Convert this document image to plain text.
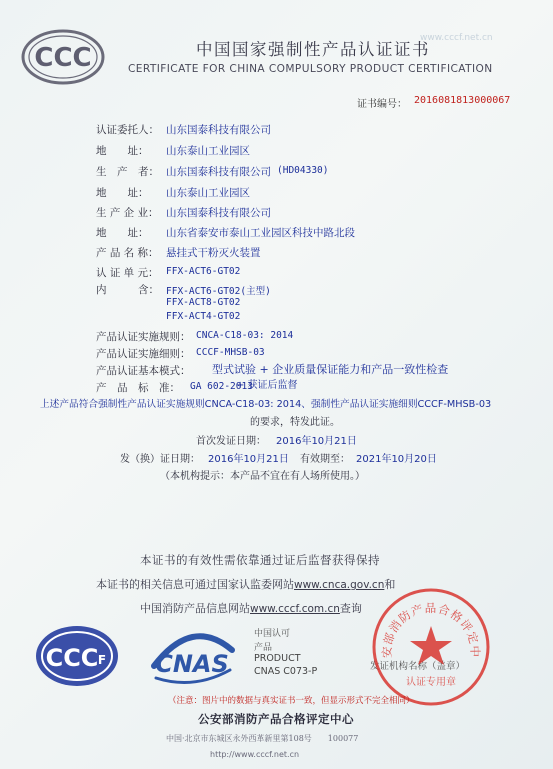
www.cccf.net.cn
CCC	中国国家强制性产品认证证书
CERTIFICATE FOR CHINA COMPULSORY PRODUCT CERTIFICATION
证书编号： 2016081813000067
认证委托人： 山东国泰科技有限公司
地　　址： 山东泰山工业园区
生　产　者： 山东国泰科技有限公司 (HD04330)
地　　址： 山东泰山工业园区
生 产 企 业： 山东国泰科技有限公司
地　　址： 山东省泰安市泰山工业园区科技中路北段
产 品 名 称： 悬挂式干粉灭火装置
认 证 单 元： FFX-ACT6-GT02
内　　　含： FFX-ACT6-GT02(主型)
FFX-ACT8-GT02
FFX-ACT4-GT02
产品认证实施规则： CNCA-C18-03: 2014
产品认证实施细则： CCCF-MHSB-03
产品认证基本模式： 型式试验 + 企业质量保证能力和产品一致性检查
+ 获证后监督
产　品　标　准： GA 602-2013
上述产品符合强制性产品认证实施规则CNCA-C18-03: 2014、强制性产品认证实施细则CCCF-MHSB-03
的要求，特发此证。
首次发证日期： 2016年10月21日
发（换）证日期： 2016年10月21日 有效期至： 2021年10月20日
（本机构提示：本产品不宜在有人场所使用。）
本证书的有效性需依靠通过证后监督获得保持
本证书的相关信息可通过国家认监委网站www.cnca.gov.cn和
中国消防产品信息网站www.cccf.com.cn查询
CCC F CNAS
中国认可
产品
PRODUCT
CNAS C073-P	发证机构名称（盖章）
安部消防产品合格评定中
认证专用章
（注意：图片中的数据与真实证书一致，但显示形式不完全相同）
公安部消防产品合格评定中心
中国·北京市东城区永外西革新里第108号　　100077
http://www.cccf.net.cn
